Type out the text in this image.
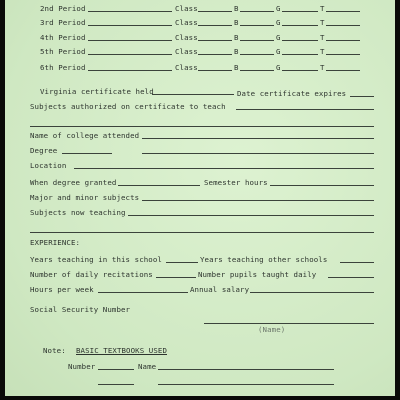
2nd Period	Class	B	G	T
3rd Period	Class	B	G	T
4th Period	Class	B	G	T
5th Period	Class	B	G	T
6th Period	Class	B	G	T
Virginia certificate held	Date certificate expires
Subjects authorized on certificate to teach
Name of college attended
Degree
Location
When degree granted	Semester hours
Major and minor subjects
Subjects now teaching
EXPERIENCE:
Years teaching in this school	Years teaching other schools
Number of daily recitations	Number pupils taught daily
Hours per week	Annual salary
Social Security Number
(Name)
Note: BASIC TEXTBOOKS USED
Number	Name
